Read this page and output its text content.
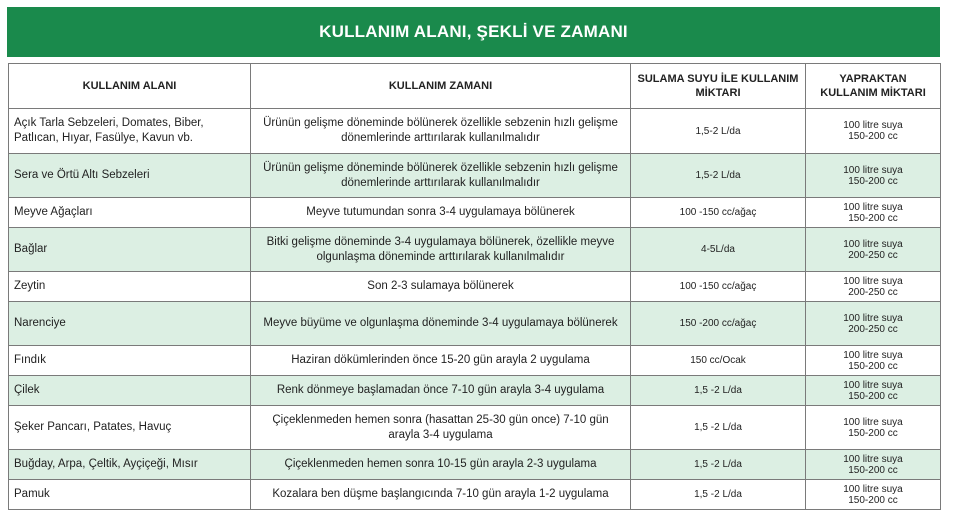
KULLANIM ALANI, ŞEKLİ VE ZAMANI
KULLANIM ALANI	KULLANIM ZAMANI	SULAMA SUYU İLE KULLANIM MİKTARI	YAPRAKTAN KULLANIM MİKTARI
Açık Tarla Sebzeleri, Domates, Biber, Patlıcan, Hıyar, Fasülye, Kavun vb.	Ürünün gelişme döneminde bölünerek özellikle sebzenin hızlı gelişme dönemlerinde arttırılarak kullanılmalıdır	1,5-2 L/da	100 litre suya
150-200 cc
Sera ve Örtü Altı Sebzeleri	Ürünün gelişme döneminde bölünerek özellikle sebzenin hızlı gelişme dönemlerinde arttırılarak kullanılmalıdır	1,5-2 L/da	100 litre suya
150-200 cc
Meyve Ağaçları	Meyve tutumundan sonra 3-4 uygulamaya bölünerek	100 -150 cc/ağaç	100 litre suya
150-200 cc
Bağlar	Bitki gelişme döneminde 3-4 uygulamaya bölünerek, özellikle meyve olgunlaşma döneminde arttırılarak kullanılmalıdır	4-5L/da	100 litre suya
200-250 cc
Zeytin	Son 2-3 sulamaya bölünerek	100 -150 cc/ağaç	100 litre suya
200-250 cc
Narenciye	Meyve büyüme ve olgunlaşma döneminde 3-4 uygulamaya bölünerek	150 -200 cc/ağaç	100 litre suya
200-250 cc
Fındık	Haziran dökümlerinden önce 15-20 gün arayla 2 uygulama	150 cc/Ocak	100 litre suya
150-200 cc
Çilek	Renk dönmeye başlamadan önce 7-10 gün arayla 3-4 uygulama	1,5 -2 L/da	100 litre suya
150-200 cc
Şeker Pancarı, Patates, Havuç	Çiçeklenmeden hemen sonra (hasattan 25-30 gün once) 7-10 gün arayla 3-4 uygulama	1,5 -2 L/da	100 litre suya
150-200 cc
Buğday, Arpa, Çeltik, Ayçiçeği, Mısır	Çiçeklenmeden hemen sonra 10-15 gün arayla 2-3 uygulama	1,5 -2 L/da	100 litre suya
150-200 cc
Pamuk	Kozalara ben düşme başlangıcında 7-10 gün arayla 1-2 uygulama	1,5 -2 L/da	100 litre suya
150-200 cc
